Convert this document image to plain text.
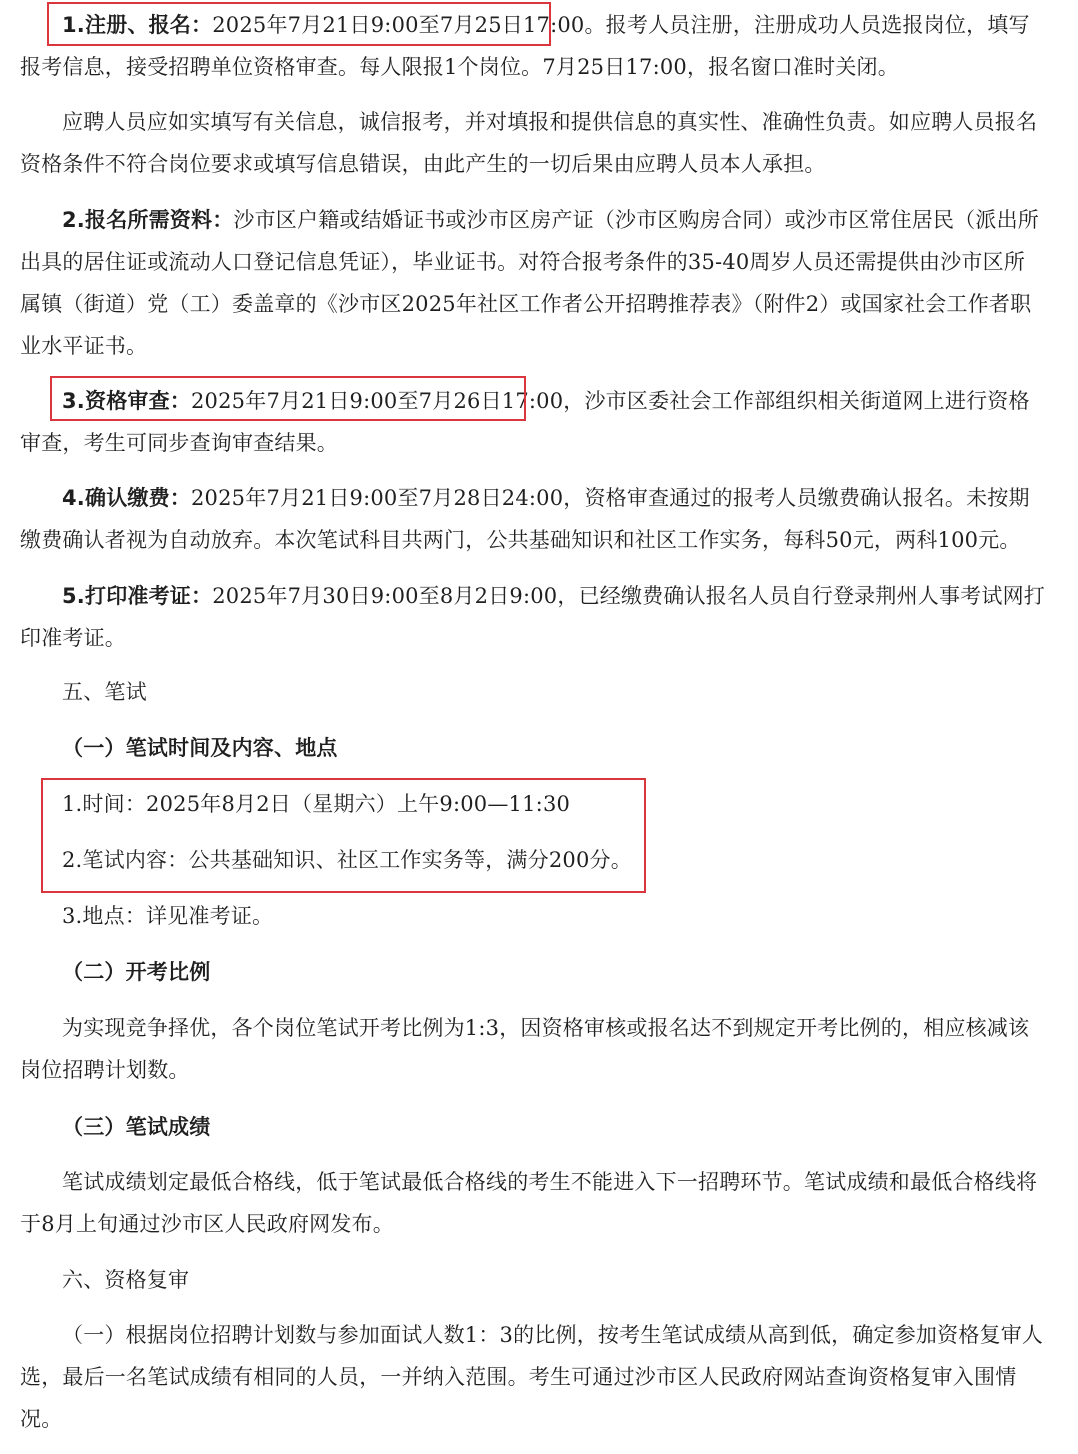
1.注册、报名：2025年7月21日9:00至7月25日17:00。报考人员注册，注册成功人员选报岗位，填写报考信息，接受招聘单位资格审查。每人限报1个岗位。7月25日17:00，报名窗口准时关闭。

应聘人员应如实填写有关信息，诚信报考，并对填报和提供信息的真实性、准确性负责。如应聘人员报名资格条件不符合岗位要求或填写信息错误，由此产生的一切后果由应聘人员本人承担。

2.报名所需资料：沙市区户籍或结婚证书或沙市区房产证（沙市区购房合同）或沙市区常住居民（派出所出具的居住证或流动人口登记信息凭证），毕业证书。对符合报考条件的35-40周岁人员还需提供由沙市区所属镇（街道）党（工）委盖章的《沙市区2025年社区工作者公开招聘推荐表》（附件2）或国家社会工作者职业水平证书。

3.资格审查：2025年7月21日9:00至7月26日17:00，沙市区委社会工作部组织相关街道网上进行资格审查，考生可同步查询审查结果。

4.确认缴费：2025年7月21日9:00至7月28日24:00，资格审查通过的报考人员缴费确认报名。未按期缴费确认者视为自动放弃。本次笔试科目共两门，公共基础知识和社区工作实务，每科50元，两科100元。

5.打印准考证：2025年7月30日9:00至8月2日9:00，已经缴费确认报名人员自行登录荆州人事考试网打印准考证。

五、笔试

（一）笔试时间及内容、地点

1.时间：2025年8月2日（星期六）上午9:00—11:30

2.笔试内容：公共基础知识、社区工作实务等，满分200分。

3.地点：详见准考证。

（二）开考比例

为实现竞争择优，各个岗位笔试开考比例为1:3，因资格审核或报名达不到规定开考比例的，相应核减该岗位招聘计划数。

（三）笔试成绩

笔试成绩划定最低合格线，低于笔试最低合格线的考生不能进入下一招聘环节。笔试成绩和最低合格线将于8月上旬通过沙市区人民政府网发布。

六、资格复审

（一）根据岗位招聘计划数与参加面试人数1：3的比例，按考生笔试成绩从高到低，确定参加资格复审人选，最后一名笔试成绩有相同的人员，一并纳入范围。考生可通过沙市区人民政府网站查询资格复审入围情况。
